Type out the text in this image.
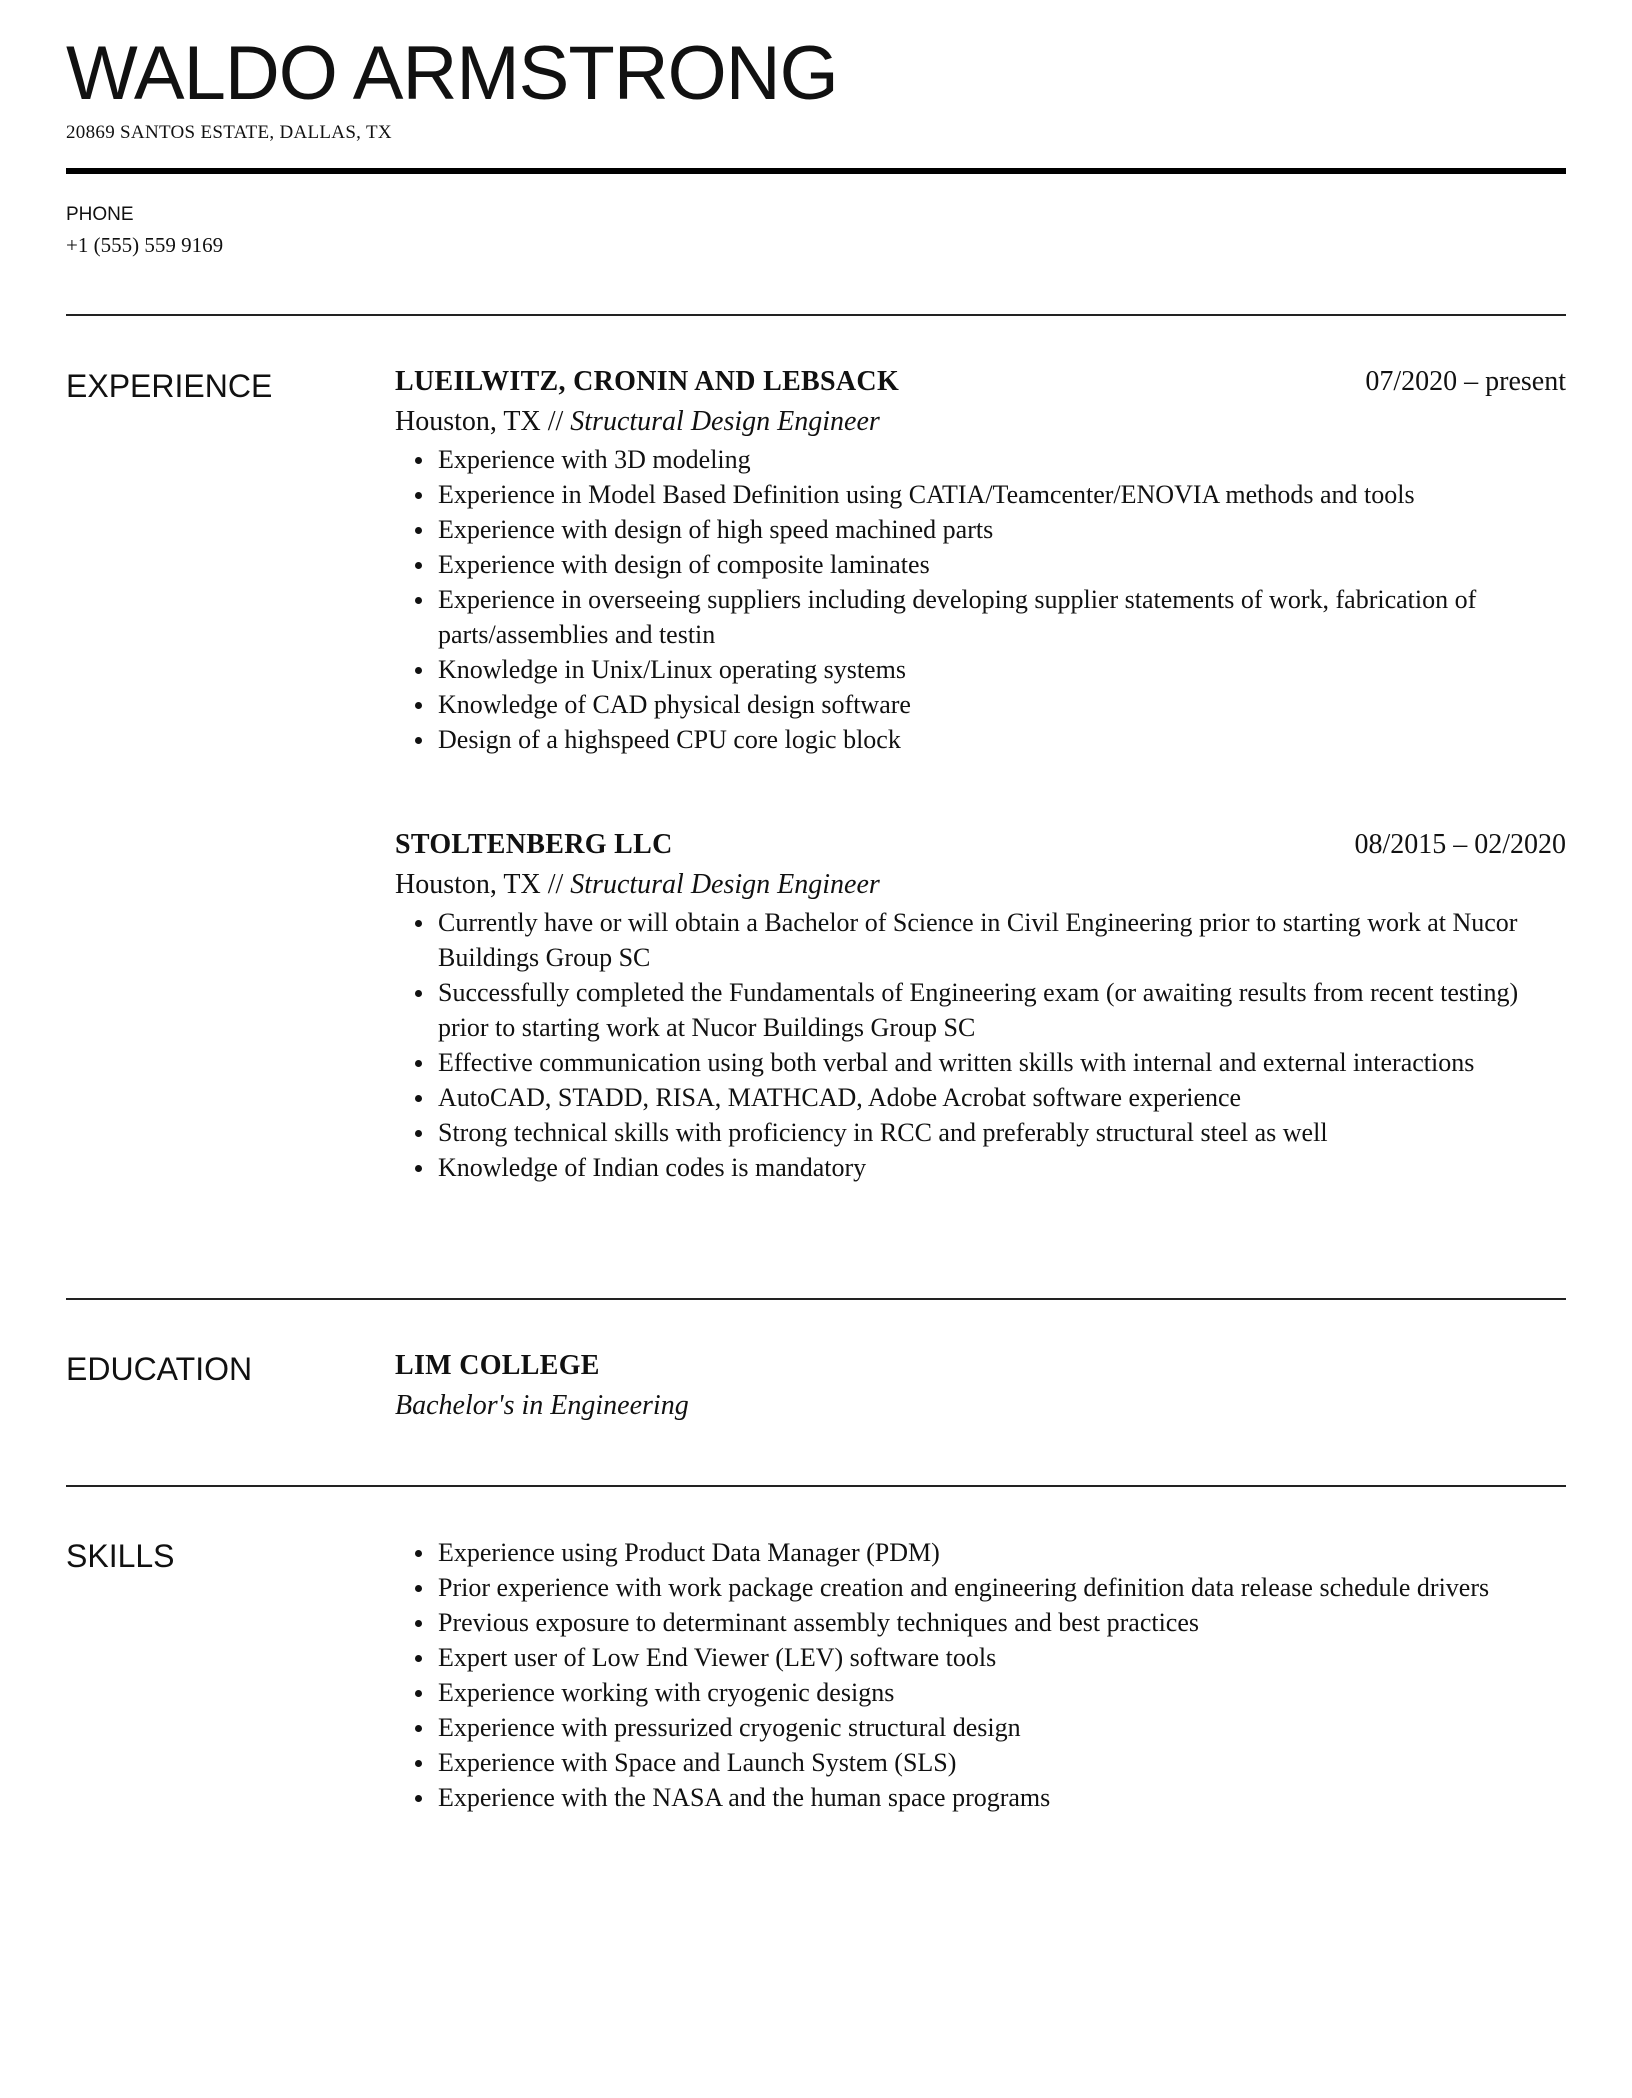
WALDO ARMSTRONG
20869 SANTOS ESTATE, DALLAS, TX
PHONE
+1 (555) 559 9169
EXPERIENCE	LUEILWITZ, CRONIN AND LEBSACK	07/2020 – present
Houston, TX // Structural Design Engineer
Experience with 3D modeling
Experience in Model Based Definition using CATIA/Teamcenter/ENOVIA methods and tools
Experience with design of high speed machined parts
Experience with design of composite laminates
Experience in overseeing suppliers including developing supplier statements of work, fabrication of parts/assemblies and testin
Knowledge in Unix/Linux operating systems
Knowledge of CAD physical design software
Design of a highspeed CPU core logic block
STOLTENBERG LLC	08/2015 – 02/2020
Houston, TX // Structural Design Engineer
Currently have or will obtain a Bachelor of Science in Civil Engineering prior to starting work at Nucor Buildings Group SC
Successfully completed the Fundamentals of Engineering exam (or awaiting results from recent testing) prior to starting work at Nucor Buildings Group SC
Effective communication using both verbal and written skills with internal and external interactions
AutoCAD, STADD, RISA, MATHCAD, Adobe Acrobat software experience
Strong technical skills with proficiency in RCC and preferably structural steel as well
Knowledge of Indian codes is mandatory
EDUCATION	LIM COLLEGE
Bachelor's in Engineering
SKILLS	Experience using Product Data Manager (PDM)
Prior experience with work package creation and engineering definition data release schedule drivers
Previous exposure to determinant assembly techniques and best practices
Expert user of Low End Viewer (LEV) software tools
Experience working with cryogenic designs
Experience with pressurized cryogenic structural design
Experience with Space and Launch System (SLS)
Experience with the NASA and the human space programs
